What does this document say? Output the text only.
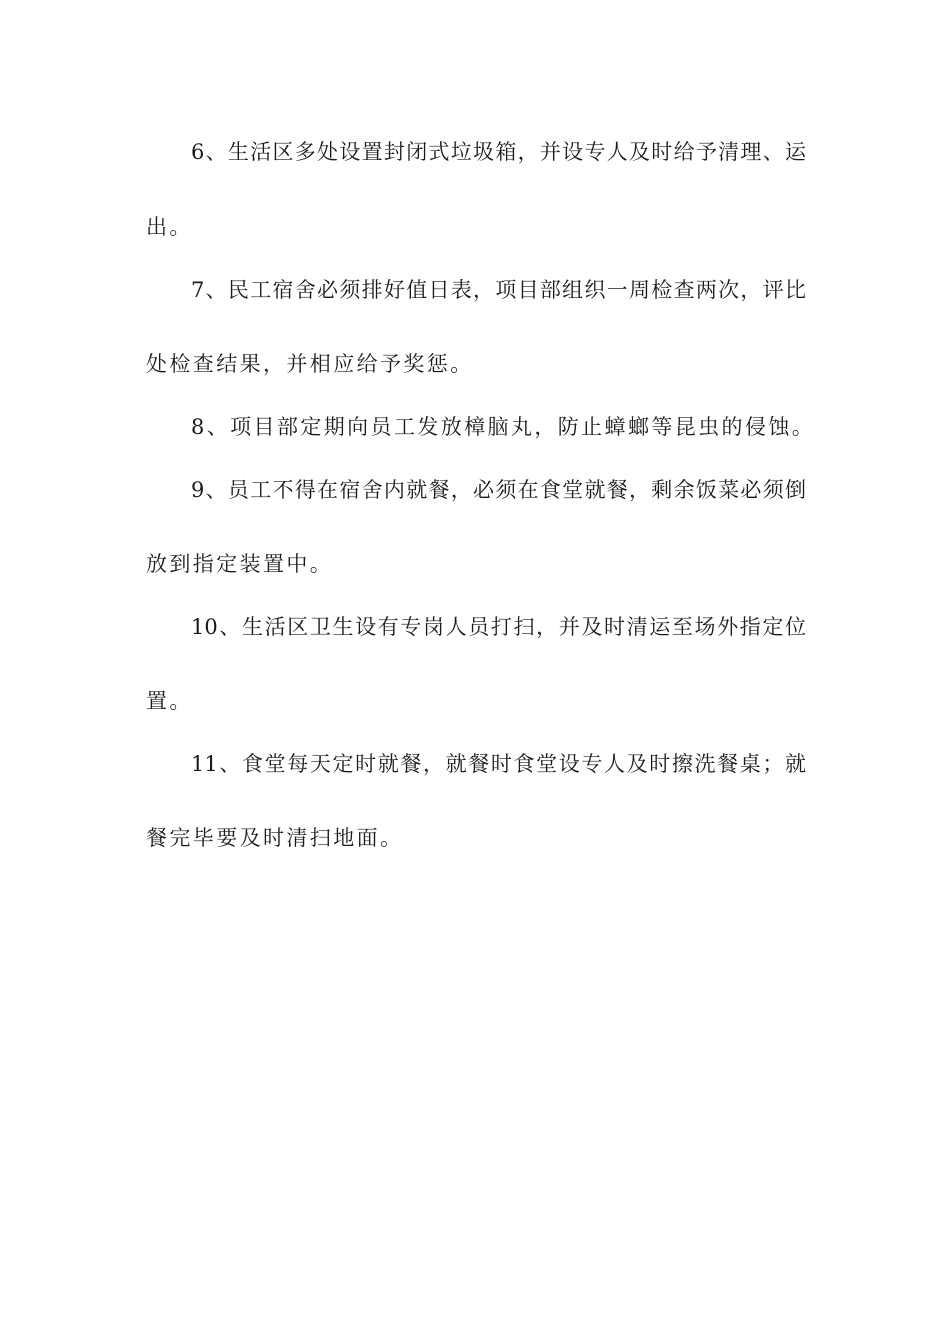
6、生活区多处设置封闭式垃圾箱，并设专人及时给予清理、运
出。
7、民工宿舍必须排好值日表，项目部组织一周检查两次，评比
处检查结果，并相应给予奖惩。
8、项目部定期向员工发放樟脑丸，防止蟑螂等昆虫的侵蚀。
9、员工不得在宿舍内就餐，必须在食堂就餐，剩余饭菜必须倒
放到指定装置中。
10、生活区卫生设有专岗人员打扫，并及时清运至场外指定位
置。
11、食堂每天定时就餐，就餐时食堂设专人及时擦洗餐桌；就
餐完毕要及时清扫地面。
